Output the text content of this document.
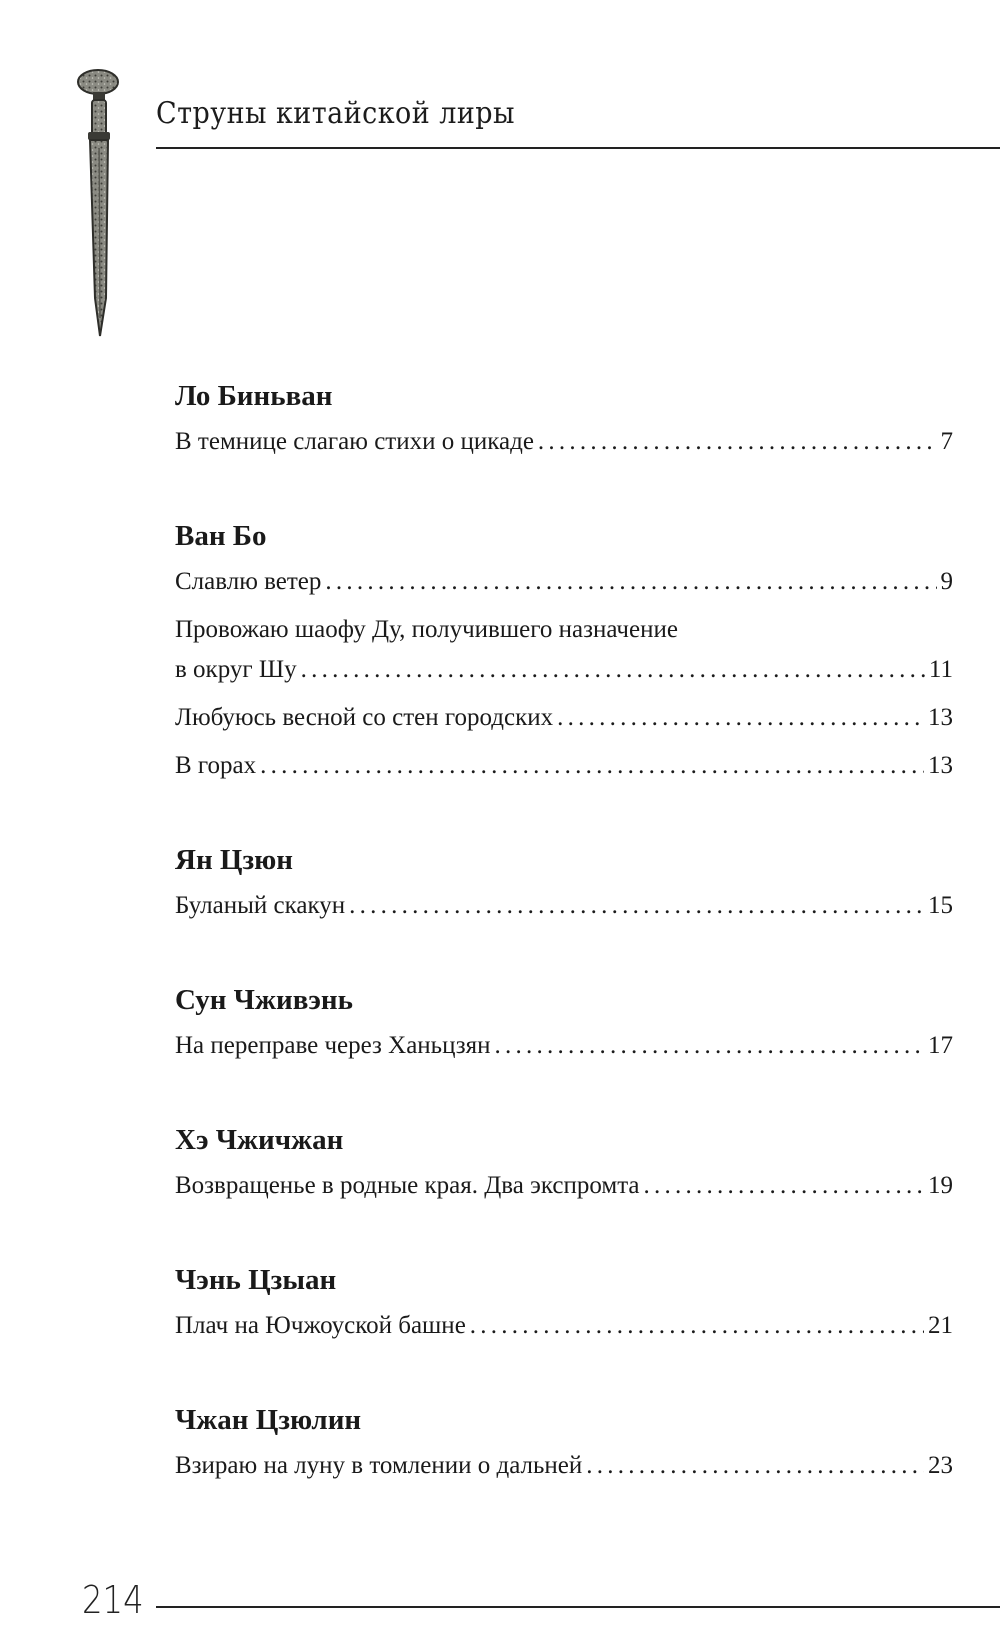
Струны китайской лиры
Ло Биньван
В темнице слагаю стихи о цикаде . . .	7
Ван Бо
Славлю ветер . . .	9
Провожаю шаофу Ду, получившего назначение
в округ Шу . . .	11
Любуюсь весной со стен городских . . .	13
В горах . . .	13
Ян Цзюн
Буланый скакун . . .	15
Сун Чживэнь
На переправе через Ханьцзян . . .	17
Хэ Чжичжан
Возвращенье в родные края. Два экспромта . . .	19
Чэнь Цзыан
Плач на Ючжоуской башне . . .	21
Чжан Цзюлин
Взираю на луну в томлении о дальней . . .	23
214
